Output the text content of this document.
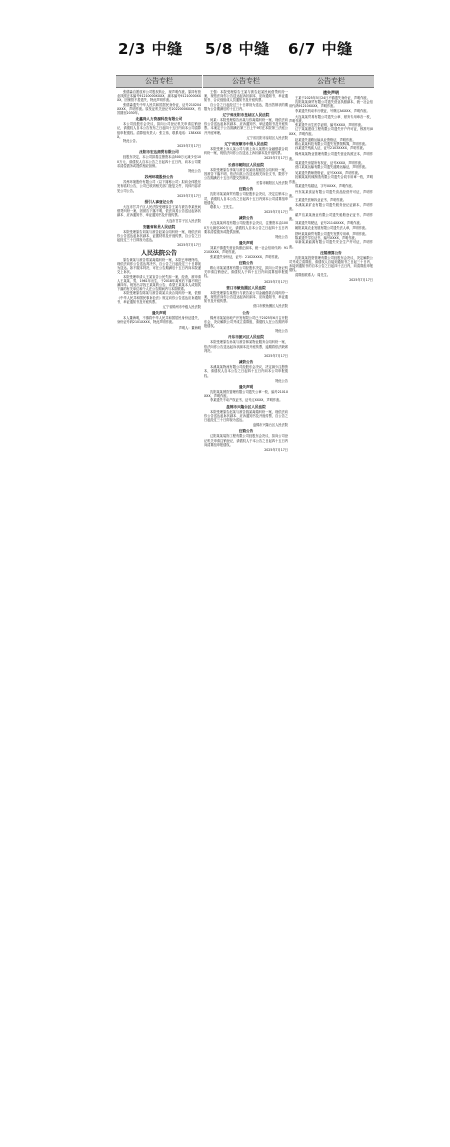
2/3 中缝 5/8 中缝 6/7 中缝
公告专栏

张德森自愿放弃公司股权转让，现声明作废。原持有营业执照正本编号91210000XXXX，副本编号91210000XXXX，因保管不善遗失，特此声明作废。

张德森遗失中华人民共和国居民身份证，证号210204XXXX，声明作废。原发证机关登记号2022000XXXX，有效期至2030年。

北鑫尚人力资源科技有限公司

本公司经股东会决议，拟向公司登记机关申请注销登记，请债权人自本公告发布之日起四十五日内向本公司清算组申报债权。清算组负责人：张立伟，联系电话：138XXXX。

特此公告。

2025年7月17日
沈阳市宏达商贸有限公司

经股东决定，本公司拟将注册资本由500万元减少至100万元，请债权人自本公告之日起四十五日内，向本公司要求清偿债务或提供相应担保。

特此公告
苏州环境股份公告

苏州环境股份有限公司（以下简称公司）拟向全体股东发布临时公告，公司已收到相关部门批复文件，具体内容详见公司公告。

2025年7月17日
招引人事登记公告

大连市甘井子区人民法院受理原告王某与被告李某民间借贷纠纷一案，因被告下落不明，依法向其公告送达起诉状副本、应诉通知书、举证通知书及开庭传票。

大连市甘井子区人民法院
安徽省和县人民法院

本院受理原告刘某与被告赵某合同纠纷一案，现依法向你公告送达起诉状副本、证据材料及开庭传票，自公告之日起经过三十日即视为送达。

2025年7月17日
人民法院公告

原告黄某与被告郑某离婚纠纷一案，本院已审理终结，现依法向你公告送达判决书，自公告之日起经过三十日即视为送达。如不服本判决，可在公告期满后十五日内向本院递交上诉状。

本院受理申请人王某宣告公民失踪一案，经查，被申请人王某某，男，1961年出生，于2018年离家后下落不明已满四年。现发出寻找王某某的公告，希望王某某本人或知其下落的有关单位和个人在公告期间内与本院联系。

本院受理原告陈某与被告周某买卖合同纠纷一案，依照《中华人民共和国民事诉讼法》规定向你公告送达应诉通知书、举证通知书及开庭传票。

辽宁省锦州市中级人民法院
遗失声明

本人董海明，不慎将中华人民共和国居民身份证遗失，身份证号码2101XXXX，特此声明作废。

声明人：董海明
公告专栏

王强：本院受理原告王某与被告赵某民间借贷纠纷一案，现依法向你公告送达起诉状副本、应诉通知书、举证通知书、合议庭组成人员通知书及开庭传票。

自公告之日起经过三十日即视为送达，提出答辩状的期限为公告期满后的十五日内。

辽宁省沈阳市皇姑区人民法院

何某：本院受理原告孙某与你离婚纠纷一案，现依法向你公告送达起诉状副本、应诉通知书、举证通知书及开庭传票。本案定于公告期满后第三日上午9时在本院第三法庭公开开庭审理。

辽宁省沈阳市皇姑区人民法院
辽宁省抚顺市中级人民法院

本院受理上诉人某公司与被上诉人某银行金融借款合同纠纷一案，现依法向你公告送达上诉状副本及开庭传票。

2025年7月17日
长春市朝阳区人民法院

本院受理原告李某与被告吴某房屋租赁合同纠纷一案，因被告下落不明，依法向其公告送达相关诉讼文书，限你于公告期满后十五日内提交答辩状。

长春市朝阳区人民法院
注销公告

沈阳市某某商贸有限公司经股东会决议，决定注销本公司，请债权人自本公告之日起四十五日内到本公司清算组申报债权。

联系人：王先生。

2025年7月17日
减资公告

大连某某科技有限公司经股东会决议，注册资本由1000万元减至200万元，请债权人自本公告之日起四十五日内要求清偿债务或提供担保。

特此公告
遗失声明

刘某不慎遗失营业执照正副本，统一社会信用代码：91210XXXX，声明作废。

张某遗失身份证，证号：2102XXXX，声明作废。

注销公告

鞍山市某某建材有限公司经股东决定，拟向公司登记机关申请注销登记，请债权人于四十五日内向清算组申报债权。

2025年7月17日
营口市鲅鱼圈区人民法院

本院受理原告某银行与被告某公司金融借款合同纠纷一案，现依法向你公告送达起诉状副本、应诉通知书、举证通知书及开庭传票。

营口市鲅鱼圈区人民法院
公告

锦州市某某房地产开发有限公司已于2025年6月召开股东会，决议解散公司并成立清算组，请债权人在公告期内申报债权。

特此公告
丹东市振兴区人民法院

本院受理原告孙某与被告林某物业服务合同纠纷一案，依法向你公告送达起诉状副本及开庭传票，逾期将依法缺席判决。

2025年7月17日
减资公告

本溪某某物流有限公司经股东会决议，决定减少注册资本，请债权人自本公告之日起四十五日内向本公司申报债权。

特此公告
遗失声明

沈阳某某餐饮管理有限公司遗失公章一枚，编号2101XXXX，声明作废。

李某遗失不动产权证书，证号辽XXXX，声明作废。

盘锦市兴隆台区人民法院

本院受理原告赵某与被告钱某离婚纠纷一案，现依法向你公告送达起诉状副本、应诉通知书及开庭传票，自公告之日起经过三十日即视为送达。

盘锦市兴隆台区人民法院
注销公告

辽阳某某装饰工程有限公司经股东会决议，拟向公司登记机关申请注销登记，请债权人于本公告之日起四十五日内向清算组申报债权。

2025年7月17日
公告专栏
遗失声明

王某于2025年5月24日不慎遗失身份证，声明作废。

沈阳某某商贸有限公司遗失营业执照副本，统一社会信用代码91210XXXX，声明作废。

李某遗失机动车行驶证，号牌辽AXXXX，声明作废。

大连某某贸易有限公司遗失公章、财务专用章各一枚，声明作废。

张某遗失出生医学证明，编号XXXX，声明作废。

辽宁某某建设工程有限公司遗失开户许可证，核准号JXXXX，声明作废。

赵某遗失道路运输从业资格证，声明作废。

鞍山某某科技有限公司遗失发票领购簿，声明作废。

孙某遗失残疾人证，证号2103XXXX，声明作废。

锦州某某物业管理有限公司遗失营业执照正本，声明作废。

周某遗失房屋所有权证，证号XXXX，声明作废。

营口某某运输有限公司遗失道路运输证，声明作废。

吴某遗失教师资格证，证号XXXX，声明作废。

抚顺某某机械制造有限公司遗失合同专用章一枚，声明作废。

郑某遗失结婚证，字号XXXX，声明作废。

丹东某某食品有限公司遗失食品经营许可证，声明作废。

王某遗失医师执业证书，声明作废。

本溪某某矿业有限公司遗失税务登记证副本，声明作废。

葫芦岛某某渔业有限公司遗失船舶登记证书，声明作废。

刘某遗失驾驶证，证号2114XXXX，声明作废。

朝阳某某农业发展有限公司遗失法人章，声明作废。

铁岭某某商贸有限公司遗失发票专用章，声明作废。

陈某遗失学位证书，编号XXXX，声明作废。

阜新某某能源有限公司遗失安全生产许可证，声明作废。

注销清算公告

沈阳某某投资管理有限公司经股东会决议，决定解散公司并成立清算组，请债权人自接到通知书之日起三十日内，未接到通知书的自本公告之日起四十五日内，向清算组申报债权。

清算组联系人：周先生。

2025年7月17日
